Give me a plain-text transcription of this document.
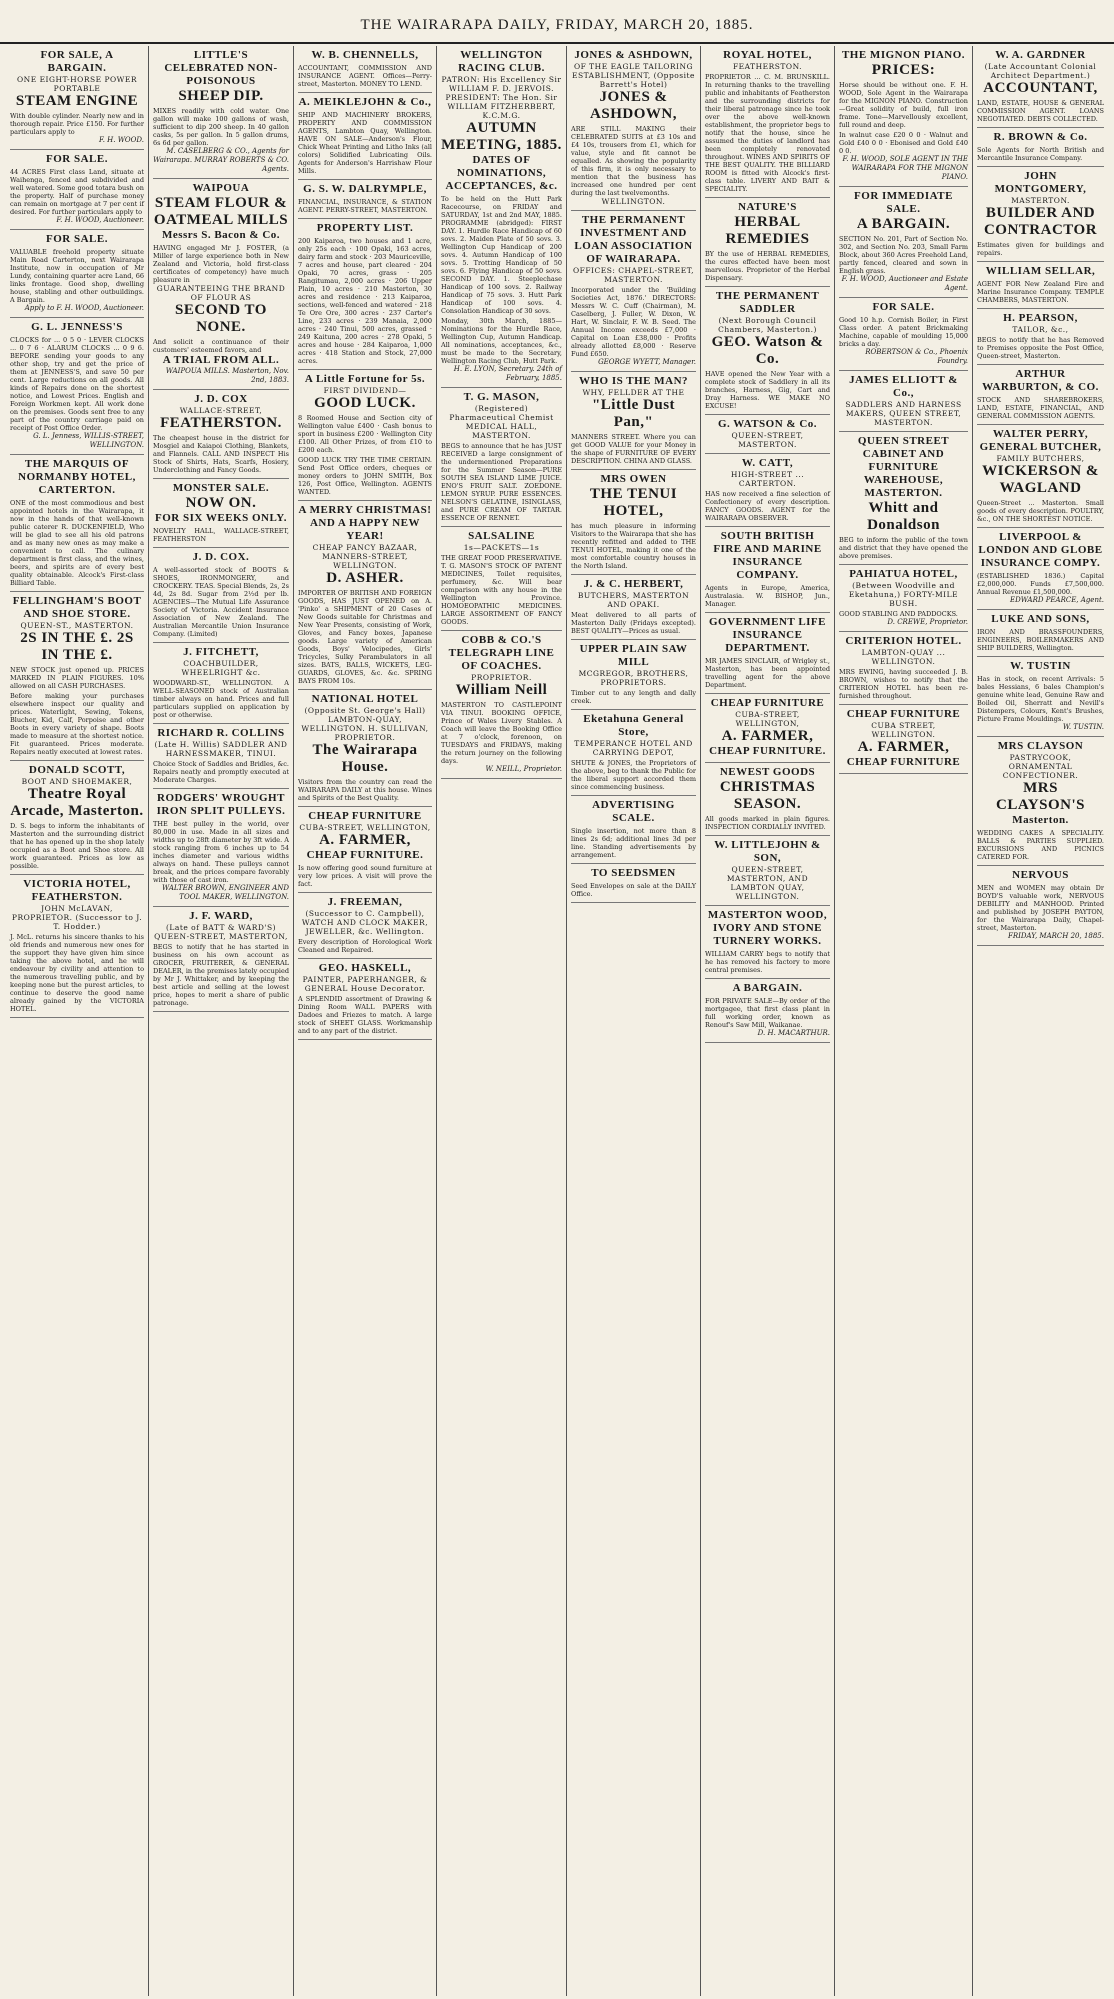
THE WAIRARAPA DAILY, FRIDAY, MARCH 20, 1885.
FOR SALE, A BARGAIN.
ONE EIGHT-HORSE POWER PORTABLE
STEAM ENGINE
With double cylinder. Nearly new and in thorough repair. Price £150. For further particulars apply to
F. H. WOOD.
FOR SALE.
44 ACRES First class Land, situate at Waihenga, fenced and subdivided and well watered. Some good totara bush on the property. Half of purchase money can remain on mortgage at 7 per cent if desired. For further particulars apply to
F. H. WOOD, Auctioneer.
FOR SALE.
VALUABLE freehold property situate Main Road Carterton, next Wairarapa Institute, now in occupation of Mr Lundy, containing quarter acre Land, 66 links frontage. Good shop, dwelling house, stabling and other outbuildings. A Bargain.
Apply to F. H. WOOD, Auctioneer.
G. L. JENNESS'S
CLOCKS for ... 0 5 0 · LEVER CLOCKS ... 0 7 6 · ALARUM CLOCKS ... 0 9 6. BEFORE sending your goods to any other shop, try and get the price of them at JENNESS'S, and save 50 per cent. Large reductions on all goods. All kinds of Repairs done on the shortest notice, and Lowest Prices. English and Foreign Workmen kept. All work done on the premises. Goods sent free to any part of the country carriage paid on receipt of Post Office Order.
G. L. Jenness, WILLIS-STREET, WELLINGTON.
THE MARQUIS OF NORMANBY HOTEL, CARTERTON.
ONE of the most commodious and best appointed hotels in the Wairarapa, it now in the hands of that well-known public caterer R. DUCKENFIELD, Who will be glad to see all his old patrons and as many new ones as may make a convenient to call. The culinary department is first class, and the wines, beers, and spirits are of every best quality obtainable. Alcock's First-class Billiard Table.
FELLINGHAM'S BOOT AND SHOE STORE.
QUEEN-ST., MASTERTON.
2S IN THE £. 2S IN THE £.
NEW STOCK just opened up. PRICES MARKED IN PLAIN FIGURES. 10% allowed on all CASH PURCHASES.
Before making your purchases elsewhere inspect our quality and prices. Waterlight, Sewing, Tokens, Blucher, Kid, Calf, Porpoise and other Boots in every variety of shape. Boots made to measure at the shortest notice. Fit guaranteed. Prices moderate. Repairs neatly executed at lowest rates.
DONALD SCOTT,
BOOT AND SHOEMAKER,
Theatre Royal Arcade, Masterton.
D. S. begs to inform the inhabitants of Masterton and the surrounding district that he has opened up in the shop lately occupied as a Boot and Shoe store. All work guaranteed. Prices as low as possible.
VICTORIA HOTEL, FEATHERSTON.
JOHN McLAVAN, PROPRIETOR. (Successor to J. T. Hodder.)
J. McL. returns his sincere thanks to his old friends and numerous new ones for the support they have given him since taking the above hotel, and he will endeavour by civility and attention to the numerous travelling public, and by keeping none but the purest articles, to continue to deserve the good name already gained by the VICTORIA HOTEL.
LITTLE'S CELEBRATED NON-POISONOUS
SHEEP DIP.
MIXES readily with cold water. One gallon will make 100 gallons of wash, sufficient to dip 200 sheep. In 40 gallon casks, 5s per gallon. In 5 gallon drums, 6s 6d per gallon.
M. CASELBERG & CO., Agents for Wairarapa. MURRAY ROBERTS & CO. Agents.
WAIPOUA
STEAM FLOUR & OATMEAL MILLS
Messrs S. Bacon & Co.
HAVING engaged Mr J. FOSTER, (a Miller of large experience both in New Zealand and Victoria, hold first-class certificates of competency) have much pleasure in
GUARANTEEING THE BRAND OF FLOUR AS
SECOND TO NONE.
And solicit a continuance of their customers' esteemed favors, and
A TRIAL FROM ALL.
WAIPOUA MILLS. Masterton, Nov. 2nd, 1883.
J. D. COX
WALLACE-STREET,
FEATHERSTON.
The cheapest house in the district for Mosgiel and Kaiapoi Clothing, Blankets, and Flannels. CALL AND INSPECT His Stock of Shirts, Hats, Scarfs, Hosiery, Underclothing and Fancy Goods.
MONSTER SALE.
NOW ON.
FOR SIX WEEKS ONLY.
NOVELTY HALL, WALLACE-STREET, FEATHERSTON
J. D. COX.
A well-assorted stock of BOOTS & SHOES, IRONMONGERY, and CROCKERY. TEAS. Special Blends, 2s, 2s 4d, 2s 8d. Sugar from 2½d per lb. AGENCIES—The Mutual Life Assurance Society of Victoria. Accident Insurance Association of New Zealand. The Australian Mercantile Union Insurance Company. (Limited)
J. FITCHETT,
COACHBUILDER, WHEELRIGHT &c.
WOODWARD-ST., WELLINGTON. A WELL-SEASONED stock of Australian timber always on hand. Prices and full particulars supplied on application by post or otherwise.
RICHARD R. COLLINS
(Late H. Willis) SADDLER AND HARNESSMAKER, TINUI.
Choice Stock of Saddles and Bridles, &c. Repairs neatly and promptly executed at Moderate Charges.
RODGERS' WROUGHT IRON SPLIT PULLEYS.
THE best pulley in the world, over 80,000 in use. Made in all sizes and widths up to 28ft diameter by 3ft wide. A stock ranging from 6 inches up to 54 inches diameter and various widths always on hand. These pulleys cannot break, and the prices compare favorably with those of cast iron.
WALTER BROWN, ENGINEER AND TOOL MAKER, WELLINGTON.
J. F. WARD,
(Late of BATT & WARD'S) QUEEN-STREET, MASTERTON,
BEGS to notify that he has started in business on his own account as GROCER, FRUITERER, & GENERAL DEALER, in the premises lately occupied by Mr J. Whittaker, and by keeping the best article and selling at the lowest price, hopes to merit a share of public patronage.
W. B. CHENNELLS,
ACCOUNTANT, COMMISSION AND INSURANCE AGENT. Offices—Perry-street, Masterton. MONEY TO LEND.
A. MEIKLEJOHN & Co.,
SHIP AND MACHINERY BROKERS, PROPERTY AND COMMISSION AGENTS, Lambton Quay, Wellington. HAVE ON SALE—Anderson's Flour, Chick Wheat Printing and Litho Inks (all colors) Solidified Lubricating Oils. Agents for Anderson's Harrishaw Flour Mills.
G. S. W. DALRYMPLE,
FINANCIAL, INSURANCE, & STATION AGENT. PERRY-STREET, MASTERTON.
PROPERTY LIST.
200 Kaiparoa, two houses and 1 acre, only 25s each · 100 Opaki, 163 acres, dairy farm and stock · 203 Mauriceville, 7 acres and house, part cleared · 204 Opaki, 70 acres, grass · 205 Rangitumau, 2,000 acres · 206 Upper Plain, 10 acres · 210 Masterton, 30 acres and residence · 213 Kaiparoa, sections, well-fenced and watered · 218 Te Ore Ore, 300 acres · 237 Carter's Line, 233 acres · 239 Manaia, 2,000 acres · 240 Tinui, 500 acres, grassed · 249 Kaituna, 200 acres · 278 Opaki, 5 acres and house · 284 Kaiparoa, 1,000 acres · 418 Station and Stock, 27,000 acres.
A Little Fortune for 5s.
FIRST DIVIDEND—
GOOD LUCK.
8 Roomed House and Section city of Wellington value £400 · Cash bonus to sport in business £200 · Wellington City £100. All Other Prizes, of from £10 to £200 each.
GOOD LUCK TRY THE TIME CERTAIN. Send Post Office orders, cheques or money orders to JOHN SMITH, Box 126, Post Office, Wellington. AGENTS WANTED.
A MERRY CHRISTMAS! AND A HAPPY NEW YEAR!
CHEAP FANCY BAZAAR, MANNERS-STREET, WELLINGTON.
D. ASHER.
IMPORTER OF BRITISH AND FOREIGN GOODS, HAS JUST OPENED on A. 'Pinko' a SHIPMENT of 20 Cases of New Goods suitable for Christmas and New Year Presents, consisting of Work, Gloves, and Fancy boxes, Japanese goods. Large variety of American Goods, Boys' Velocipedes, Girls' Tricycles, Sulky Perambulators in all sizes. BATS, BALLS, WICKETS, LEG-GUARDS, GLOVES, &c. &c. SPRING BAYS FROM 10s.
NATIONAL HOTEL
(Opposite St. George's Hall) LAMBTON-QUAY, WELLINGTON. H. SULLIVAN, PROPRIETOR.
The Wairarapa House.
Visitors from the country can read the WAIRARAPA DAILY at this house. Wines and Spirits of the Best Quality.
CHEAP FURNITURE
CUBA-STREET, WELLINGTON,
A. FARMER,
CHEAP FURNITURE.
Is now offering good sound furniture at very low prices. A visit will prove the fact.
J. FREEMAN,
(Successor to C. Campbell), WATCH AND CLOCK MAKER, JEWELLER, &c. Wellington.
Every description of Horological Work Cleaned and Repaired.
GEO. HASKELL,
PAINTER, PAPERHANGER, & GENERAL House Decorator.
A SPLENDID assortment of Drawing & Dining Room WALL PAPERS with Dadoes and Friezes to match. A large stock of SHEET GLASS. Workmanship and to any part of the district.
WELLINGTON RACING CLUB.
PATRON: His Excellency Sir WILLIAM F. D. JERVOIS. PRESIDENT: The Hon. Sir WILLIAM FITZHERBERT, K.C.M.G.
AUTUMN MEETING, 1885.
DATES OF NOMINATIONS, ACCEPTANCES, &c.
To be held on the Hutt Park Racecourse, on FRIDAY and SATURDAY, 1st and 2nd MAY, 1885. PROGRAMME (abridged): FIRST DAY. 1. Hurdle Race Handicap of 60 sovs. 2. Maiden Plate of 50 sovs. 3. Wellington Cup Handicap of 200 sovs. 4. Autumn Handicap of 100 sovs. 5. Trotting Handicap of 50 sovs. 6. Flying Handicap of 50 sovs. SECOND DAY. 1. Steeplechase Handicap of 100 sovs. 2. Railway Handicap of 75 sovs. 3. Hutt Park Handicap of 100 sovs. 4. Consolation Handicap of 30 sovs.
Monday, 30th March, 1885—Nominations for the Hurdle Race, Wellington Cup, Autumn Handicap. All nominations, acceptances, &c., must be made to the Secretary, Wellington Racing Club, Hutt Park.
H. E. LYON, Secretary. 24th of February, 1885.
T. G. MASON,
(Registered) Pharmaceutical Chemist MEDICAL HALL, MASTERTON.
BEGS to announce that he has JUST RECEIVED a large consignment of the undermentioned Preparations for the Summer Season—PURE SOUTH SEA ISLAND LIME JUICE. ENO'S FRUIT SALT. ZOEDONE. LEMON SYRUP. PURE ESSENCES. NELSON'S GELATINE, ISINGLASS, and PURE CREAM OF TARTAR. ESSENCE OF RENNET.
SALSALINE
1s—PACKETS—1s
THE GREAT FOOD PRESERVATIVE. T. G. MASON'S STOCK OF PATENT MEDICINES, Toilet requisites, perfumery, &c. Will bear comparison with any house in the Wellington Province. HOMOEOPATHIC MEDICINES. LARGE ASSORTMENT OF FANCY GOODS.
COBB & CO.'S TELEGRAPH LINE OF COACHES.
PROPRIETOR.
William Neill
MASTERTON TO CASTLEPOINT VIA TINUI. BOOKING OFFICE, Prince of Wales Livery Stables. A Coach will leave the Booking Office at 7 o'clock, forenoon, on TUESDAYS and FRIDAYS, making the return journey on the following days.
W. NEILL, Proprietor.
JONES & ASHDOWN,
OF THE EAGLE TAILORING ESTABLISHMENT, (Opposite Barrett's Hotel)
JONES & ASHDOWN,
ARE STILL MAKING their CELEBRATED SUITS at £3 10s and £4 10s, trousers from £1, which for value, style and fit cannot be equalled. As showing the popularity of this firm, it is only necessary to mention that the business has increased one hundred per cent during the last twelvemonths.
WELLINGTON.
THE PERMANENT INVESTMENT AND LOAN ASSOCIATION OF WAIRARAPA.
OFFICES: CHAPEL-STREET, MASTERTON.
Incorporated under the 'Building Societies Act, 1876.' DIRECTORS: Messrs W. C. Cuff (Chairman), M. Caselberg, J. Fuller, W. Dixon, W. Hart, W. Sinclair, F. W. B. Seed. The Annual Income exceeds £7,000 · Capital on Loan £38,000 · Profits already allotted £8,000 · Reserve Fund £650.
GEORGE WYETT, Manager.
WHO IS THE MAN?
WHY, FELLDER AT THE
"Little Dust Pan,"
MANNERS STREET. Where you can get GOOD VALUE for your Money in the shape of FURNITURE OF EVERY DESCRIPTION. CHINA AND GLASS.
MRS OWEN
THE TENUI HOTEL,
has much pleasure in informing Visitors to the Wairarapa that she has recently refitted and added to THE TENUI HOTEL, making it one of the most comfortable country houses in the North Island.
J. & C. HERBERT,
BUTCHERS, MASTERTON AND OPAKI.
Meat delivered to all parts of Masterton Daily (Fridays excepted). BEST QUALITY—Prices as usual.
UPPER PLAIN SAW MILL
MCGREGOR, BROTHERS, PROPRIETORS.
Timber cut to any length and dally creek.
Eketahuna General Store,
TEMPERANCE HOTEL AND CARRYING DEPOT,
SHUTE & JONES, the Proprietors of the above, beg to thank the Public for the liberal support accorded them since commencing business.
ADVERTISING SCALE.
Single insertion, not more than 8 lines 2s 6d; additional lines 3d per line. Standing advertisements by arrangement.
TO SEEDSMEN
Seed Envelopes on sale at the DAILY Office.
ROYAL HOTEL,
FEATHERSTON.
PROPRIETOR ... C. M. BRUNSKILL. In returning thanks to the travelling public and inhabitants of Featherston and the surrounding districts for their liberal patronage since he took over the above well-known establishment, the proprietor begs to notify that the house, since he assumed the duties of landlord has been completely renovated throughout. WINES AND SPIRITS OF THE BEST QUALITY. THE BILLIARD ROOM is fitted with Alcock's first-class table. LIVERY AND BAIT & SPECIALITY.
NATURE'S
HERBAL REMEDIES
BY the use of HERBAL REMEDIES, the cures effected have been most marvellous. Proprietor of the Herbal Dispensary.
THE PERMANENT SADDLER
(Next Borough Council Chambers, Masterton.)
GEO. Watson & Co.
HAVE opened the New Year with a complete stock of Saddlery in all its branches, Harness, Gig, Cart and Dray Harness. WE MAKE NO EXCUSE!
G. WATSON & Co.
QUEEN-STREET, MASTERTON.
W. CATT,
HIGH-STREET ... CARTERTON.
HAS now received a fine selection of Confectionery of every description. FANCY GOODS. AGENT for the WAIRARAPA OBSERVER.
SOUTH BRITISH FIRE AND MARINE INSURANCE COMPANY.
Agents in Europe, America, Australasia. W. BISHOP, Jun., Manager.
GOVERNMENT LIFE INSURANCE DEPARTMENT.
MR JAMES SINCLAIR, of Wrigley st., Masterton, has been appointed travelling agent for the above Department.
CHEAP FURNITURE
CUBA-STREET, WELLINGTON,
A. FARMER,
CHEAP FURNITURE.
NEWEST GOODS
CHRISTMAS SEASON.
All goods marked in plain figures. INSPECTION CORDIALLY INVITED.
W. LITTLEJOHN & SON,
QUEEN-STREET, MASTERTON, AND LAMBTON QUAY, WELLINGTON.
MASTERTON WOOD, IVORY AND STONE TURNERY WORKS.
WILLIAM CARRY begs to notify that he has removed his factory to more central premises.
A BARGAIN.
FOR PRIVATE SALE—By order of the mortgagee, that first class plant in full working order, known as Renouf's Saw Mill, Waikanae.
D. H. MACARTHUR.
THE MIGNON PIANO.
PRICES:
Horse should be without one. F. H. WOOD, Sole Agent in the Wairarapa for the MIGNON PIANO. Construction—Great solidity of build, full iron frame. Tone—Marvellously excellent, full round and deep.
In walnut case £20 0 0 · Walnut and Gold £40 0 0 · Ebonised and Gold £40 0 0.
F. H. WOOD, SOLE AGENT IN THE WAIRARAPA FOR THE MIGNON PIANO.
FOR IMMEDIATE SALE.
A BARGAIN.
SECTION No. 201, Part of Section No. 302, and Section No. 203, Small Farm Block, about 360 Acres Freehold Land, partly fenced, cleared and sown in English grass.
F. H. WOOD, Auctioneer and Estate Agent.
FOR SALE.
Good 10 h.p. Cornish Boiler, in First Class order. A patent Brickmaking Machine, capable of moulding 15,000 bricks a day.
ROBERTSON & Co., Phoenix Foundry.
JAMES ELLIOTT & Co.,
SADDLERS AND HARNESS MAKERS, QUEEN STREET, MASTERTON.
QUEEN STREET CABINET AND FURNITURE WAREHOUSE, MASTERTON.
Whitt and Donaldson
BEG to inform the public of the town and district that they have opened the above premises.
PAHIATUA HOTEL,
(Between Woodville and Eketahuna,) FORTY-MILE BUSH.
GOOD STABLING AND PADDOCKS.
D. CREWE, Proprietor.
CRITERION HOTEL.
LAMBTON-QUAY ... WELLINGTON.
MRS EWING, having succeeded J. B. BROWN, wishes to notify that the CRITERION HOTEL has been re-furnished throughout.
CHEAP FURNITURE
CUBA STREET, WELLINGTON.
A. FARMER,
CHEAP FURNITURE
W. A. GARDNER
(Late Accountant Colonial Architect Department.)
ACCOUNTANT,
LAND, ESTATE, HOUSE & GENERAL COMMISSION AGENT. LOANS NEGOTIATED. DEBTS COLLECTED.
R. BROWN & Co.
Sole Agents for North British and Mercantile Insurance Company.
JOHN MONTGOMERY,
MASTERTON.
BUILDER AND CONTRACTOR
Estimates given for buildings and repairs.
WILLIAM SELLAR,
AGENT FOR New Zealand Fire and Marine Insurance Company. TEMPLE CHAMBERS, MASTERTON.
H. PEARSON,
TAILOR, &c.,
BEGS to notify that he has Removed to Premises opposite the Post Office, Queen-street, Masterton.
ARTHUR WARBURTON, & CO.
STOCK AND SHAREBROKERS, LAND, ESTATE, FINANCIAL, AND GENERAL COMMISSION AGENTS.
WALTER PERRY, GENERAL BUTCHER,
FAMILY BUTCHERS,
WICKERSON & WAGLAND
Queen-Street ... Masterton. Small goods of every description. POULTRY, &c., ON THE SHORTEST NOTICE.
LIVERPOOL & LONDON AND GLOBE INSURANCE COMPY.
(ESTABLISHED 1836.) Capital £2,000,000. Funds £7,500,000. Annual Revenue £1,500,000.
EDWARD PEARCE, Agent.
LUKE AND SONS,
IRON AND BRASSFOUNDERS, ENGINEERS, BOILERMAKERS AND SHIP BUILDERS, Wellington.
W. TUSTIN
Has in stock, on recent Arrivals: 5 bales Hessians, 6 bales Champion's genuine white lead, Genuine Raw and Boiled Oil, Sherratt and Nevill's Distempers, Colours, Kent's Brushes, Picture Frame Mouldings.
W. TUSTIN.
MRS CLAYSON
PASTRYCOOK, ORNAMENTAL CONFECTIONER.
MRS CLAYSON'S
Masterton.
WEDDING CAKES A SPECIALITY. BALLS & PARTIES SUPPLIED. EXCURSIONS AND PICNICS CATERED FOR.
NERVOUS
MEN and WOMEN may obtain Dr BOYD'S valuable work, NERVOUS DEBILITY and MANHOOD. Printed and published by JOSEPH PAYTON, for the Wairarapa Daily, Chapel-street, Masterton.
FRIDAY, MARCH 20, 1885.
